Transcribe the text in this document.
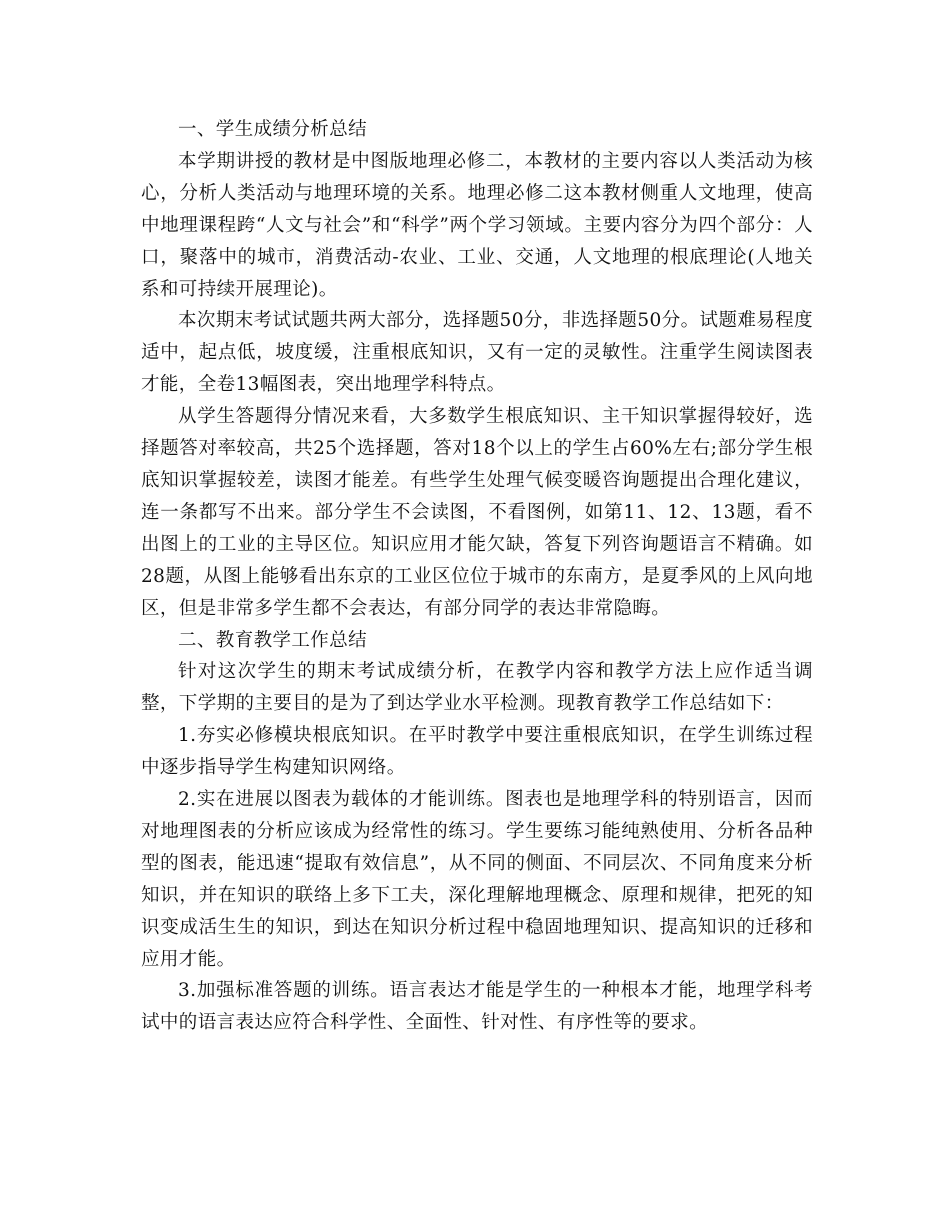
一、学生成绩分析总结

本学期讲授的教材是中图版地理必修二，本教材的主要内容以人类活动为核心，分析人类活动与地理环境的关系。地理必修二这本教材侧重人文地理，使高中地理课程跨“人文与社会”和“科学”两个学习领域。主要内容分为四个部分：人口，聚落中的城市，消费活动-农业、工业、交通，人文地理的根底理论(人地关系和可持续开展理论)。

本次期末考试试题共两大部分，选择题50分，非选择题50分。试题难易程度适中，起点低，坡度缓，注重根底知识，又有一定的灵敏性。注重学生阅读图表才能，全卷13幅图表，突出地理学科特点。

从学生答题得分情况来看，大多数学生根底知识、主干知识掌握得较好，选择题答对率较高，共25个选择题，答对18个以上的学生占60%左右;部分学生根底知识掌握较差，读图才能差。有些学生处理气候变暖咨询题提出合理化建议，连一条都写不出来。部分学生不会读图，不看图例，如第11、12、13题，看不出图上的工业的主导区位。知识应用才能欠缺，答复下列咨询题语言不精确。如28题，从图上能够看出东京的工业区位位于城市的东南方，是夏季风的上风向地区，但是非常多学生都不会表达，有部分同学的表达非常隐晦。

二、教育教学工作总结

针对这次学生的期末考试成绩分析，在教学内容和教学方法上应作适当调整，下学期的主要目的是为了到达学业水平检测。现教育教学工作总结如下：

1.夯实必修模块根底知识。在平时教学中要注重根底知识，在学生训练过程中逐步指导学生构建知识网络。

2.实在进展以图表为载体的才能训练。图表也是地理学科的特别语言，因而对地理图表的分析应该成为经常性的练习。学生要练习能纯熟使用、分析各品种型的图表，能迅速“提取有效信息”，从不同的侧面、不同层次、不同角度来分析知识，并在知识的联络上多下工夫，深化理解地理概念、原理和规律，把死的知识变成活生生的知识，到达在知识分析过程中稳固地理知识、提高知识的迁移和应用才能。

3.加强标准答题的训练。语言表达才能是学生的一种根本才能，地理学科考试中的语言表达应符合科学性、全面性、针对性、有序性等的要求。
